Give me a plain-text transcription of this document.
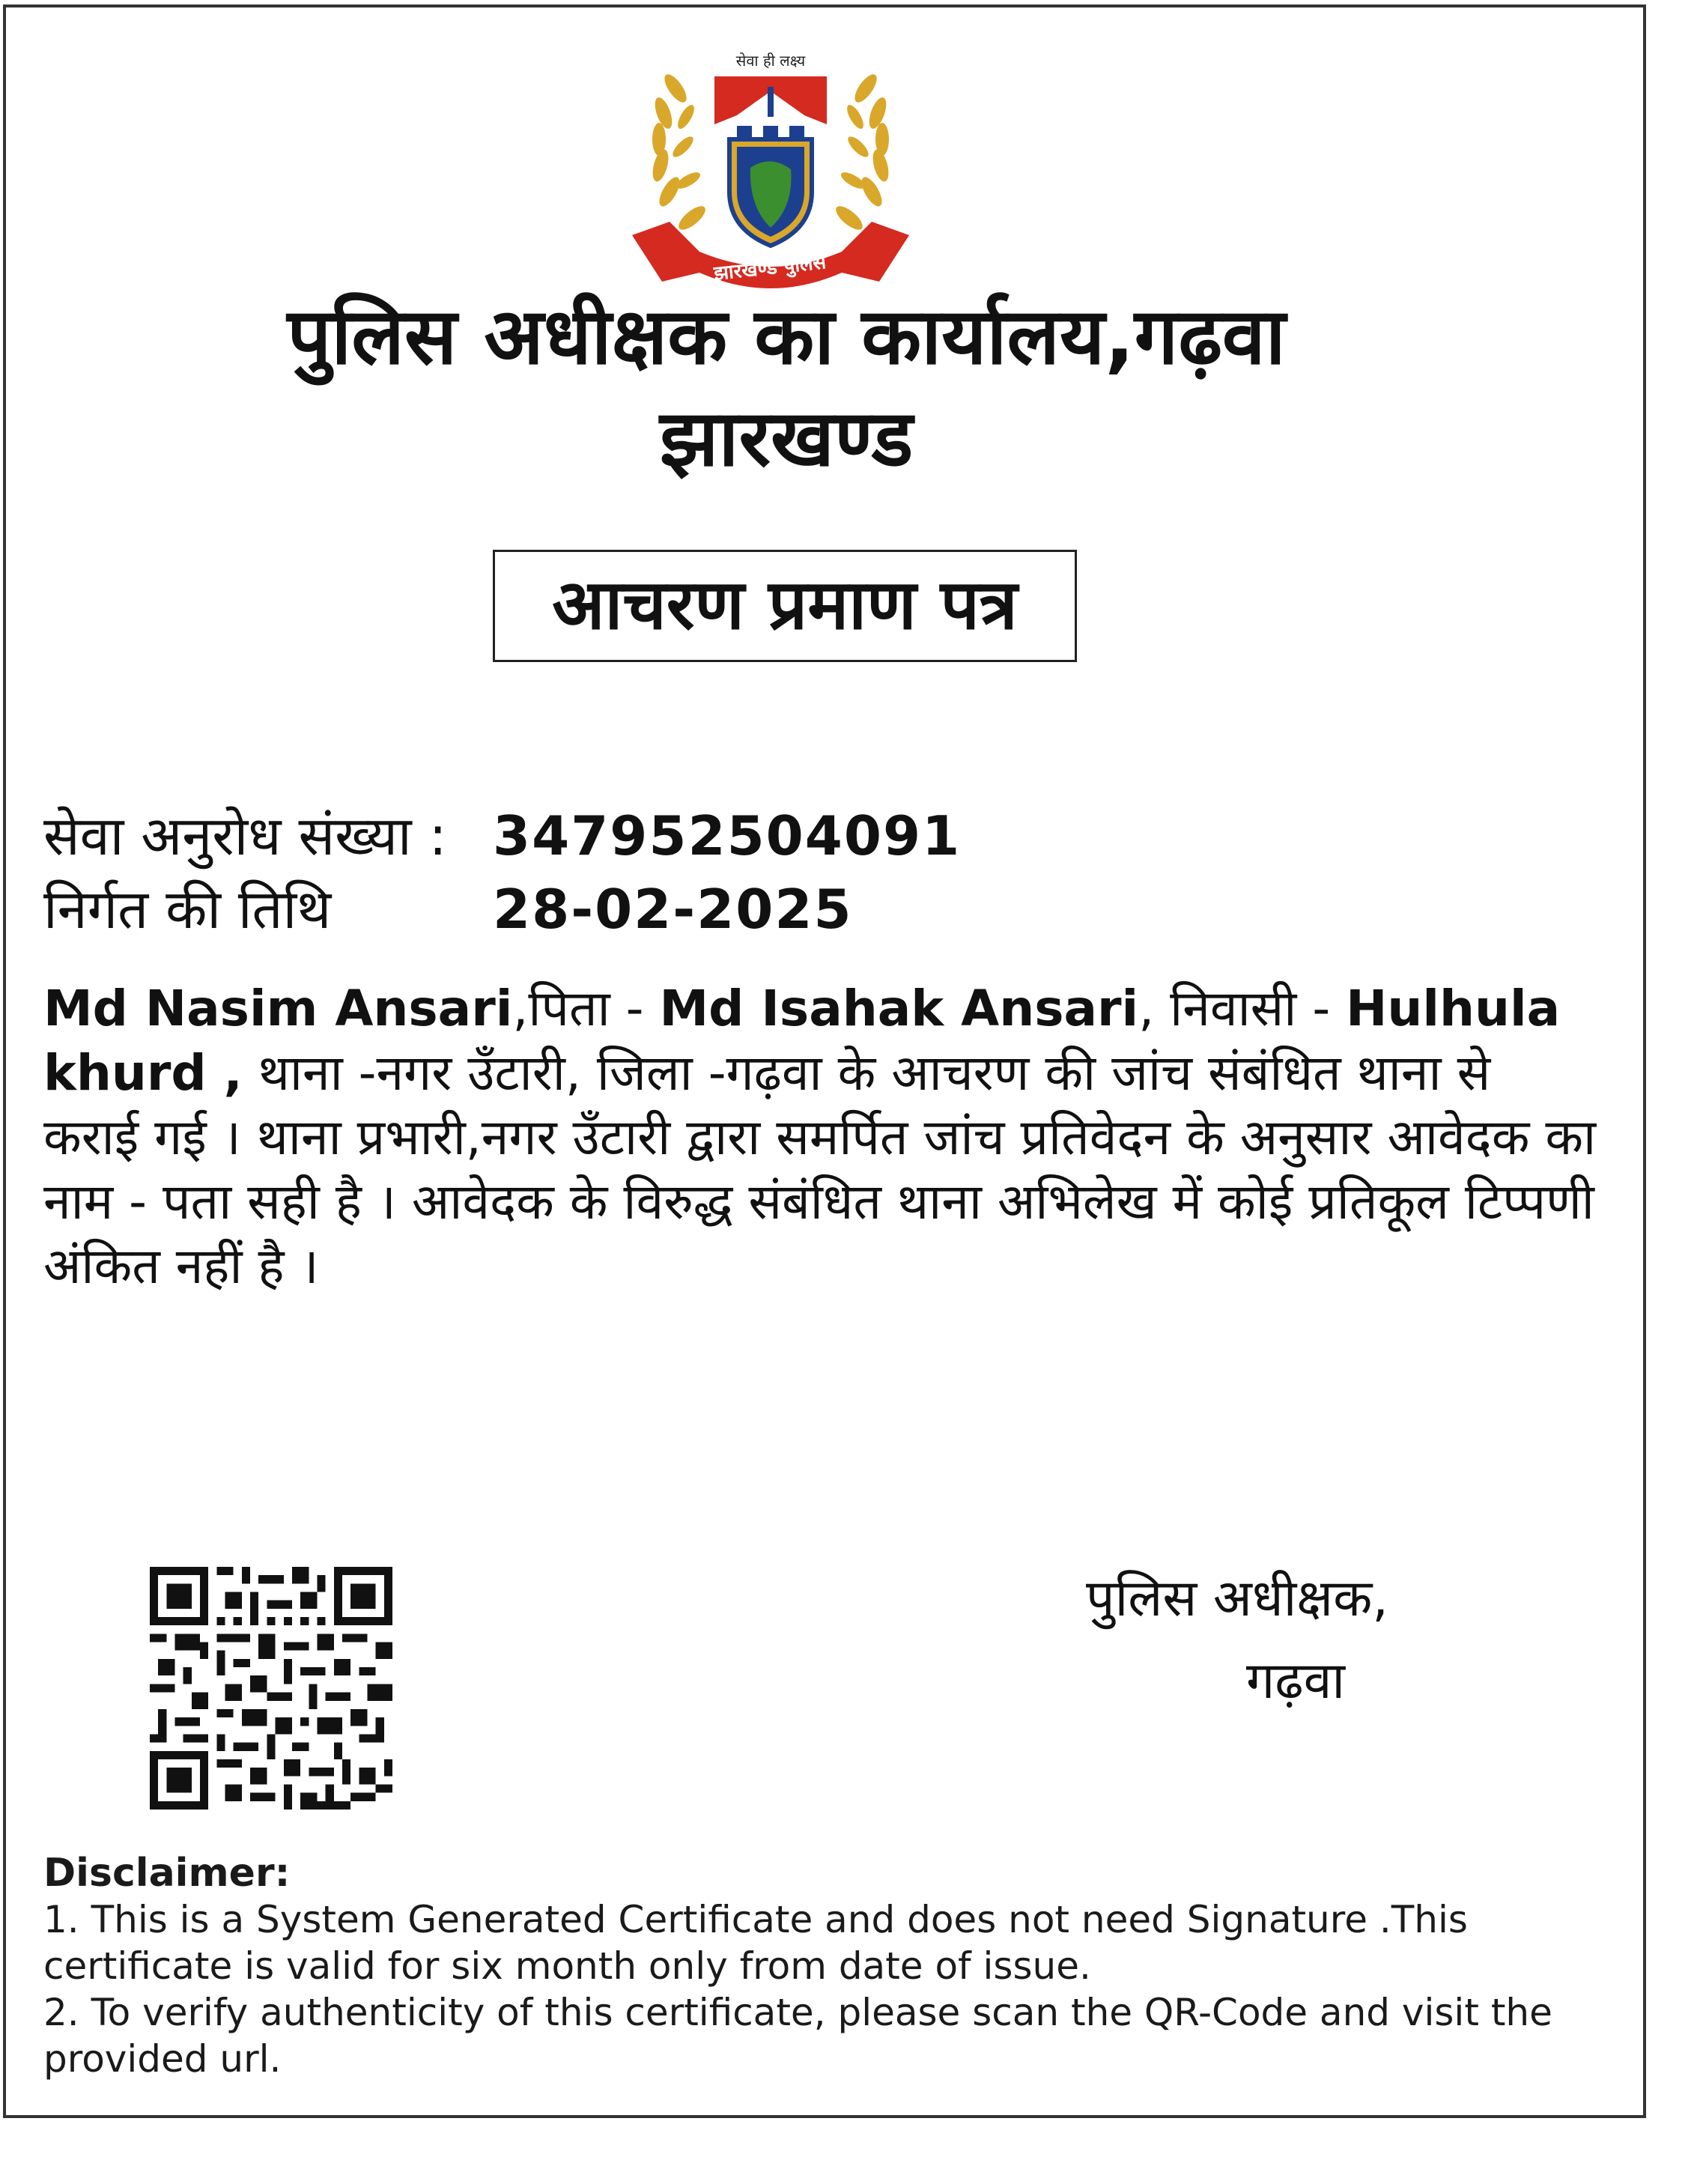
सेवा ही लक्ष्य
झारखण्ड पुलिस
पुलिस अधीक्षक का कार्यालय,गढ़वा
झारखण्ड
आचरण प्रमाण पत्र
सेवा अनुरोध संख्या : 347952504091
निर्गत की तिथि	28-02-2025
Md Nasim Ansari,पिता - Md Isahak Ansari, निवासी - Hulhula khurd , थाना -नगर उँटारी, जिला -गढ़वा के आचरण की जांच संबंधित थाना से कराई गई । थाना प्रभारी,नगर उँटारी द्वारा समर्पित जांच प्रतिवेदन के अनुसार आवेदक का नाम - पता सही है । आवेदक के विरुद्ध संबंधित थाना अभिलेख में कोई प्रतिकूल टिप्पणी अंकित नहीं है ।
पुलिस अधीक्षक,
गढ़वा
Disclaimer:
1. This is a System Generated Certificate and does not need Signature .This certificate is valid for six month only from date of issue.
2. To verify authenticity of this certificate, please scan the QR-Code and visit the provided url.
